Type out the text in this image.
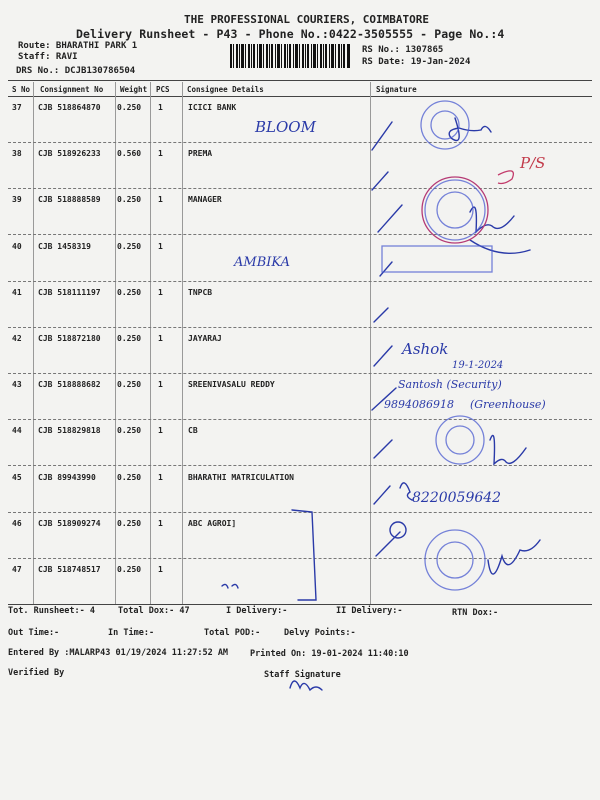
THE PROFESSIONAL COURIERS, COIMBATORE
Delivery Runsheet - P43 - Phone No.:0422-3505555 - Page No.:4
Route: BHARATHI PARK 1
Staff: RAVI
DRS No.: DCJB130786504
RS No.: 1307865
RS Date: 19-Jan-2024
S No Consignment No Weight PCS Consignee Details	Signature
37 CJB 518864870 0.250 1	ICICI BANK
38 CJB 518926233 0.560 1	PREMA
39 CJB 518888589 0.250 1	MANAGER
40 CJB 1458319	0.250 1
41 CJB 518111197 0.250 1	TNPCB
42 CJB 518872180 0.250 1	JAYARAJ
43 CJB 518888682 0.250 1	SREENIVASALU REDDY
44 CJB 518829818 0.250 1	CB
45 CJB 89943990	0.250 1	BHARATHI MATRICULATION
46 CJB 518909274 0.250 1	ABC AGROI]
47 CJB 518748517 0.250 1
Tot. Runsheet:- 4	Total Dox:- 47	I Delivery:-	II Delivery:-	RTN Dox:-
Out Time:-	In Time:-	Total POD:-	Delvy Points:-
Entered By :MALARP43 01/19/2024 11:27:52 AM	Printed On: 19-01-2024 11:40:10
Verified By	Staff Signature
BLOOM
AMBIKA
P/S
Ashok
19-1-2024
Santosh (Security)
9894086918 (Greenhouse)
8220059642
